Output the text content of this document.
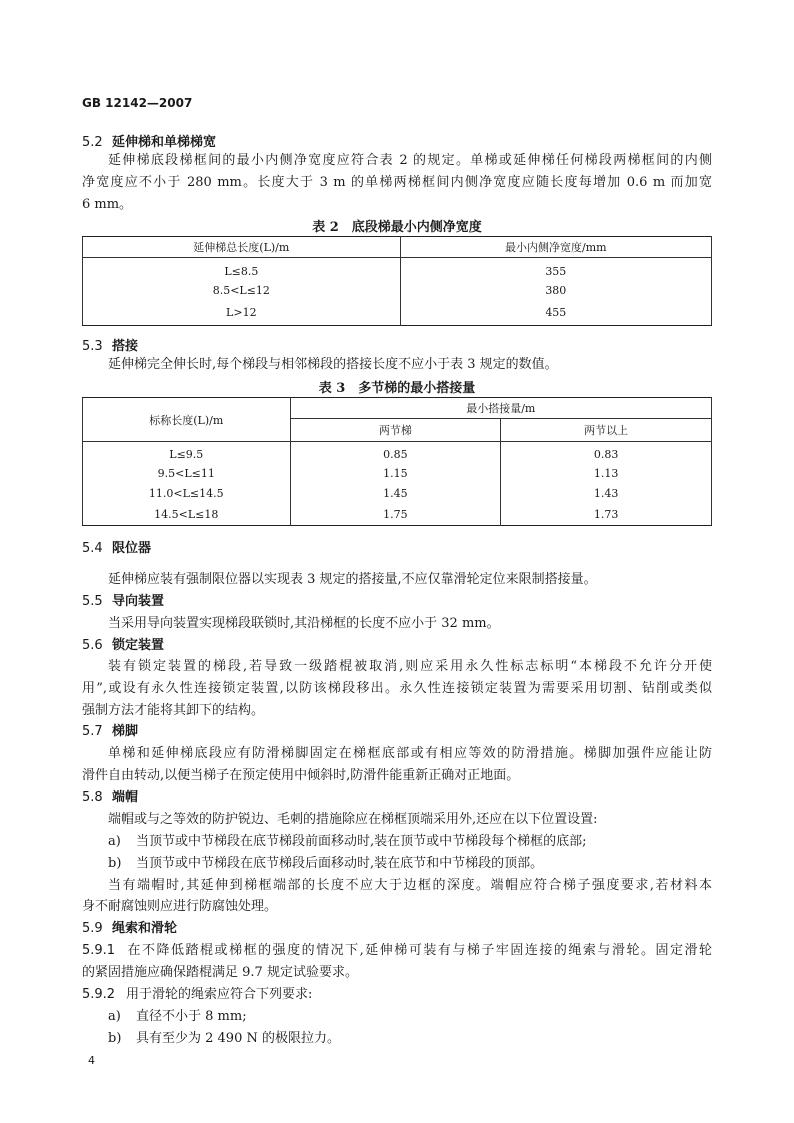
GB 12142—2007
5.2 延伸梯和单梯梯宽
延伸梯底段梯框间的最小内侧净宽度应符合表 2 的规定。单梯或延伸梯任何梯段两梯框间的内侧
净宽度应不小于 280 mm。长度大于 3 m 的单梯两梯框间内侧净宽度应随长度每增加 0.6 m 而加宽
6 mm。
表 2　底段梯最小内侧净宽度
延伸梯总长度(L)/m	最小内侧净宽度/mm
L≤8.5	355
8.5<L≤12	380
L>12	455
5.3 搭接
延伸梯完全伸长时,每个梯段与相邻梯段的搭接长度不应小于表 3 规定的数值。
表 3　多节梯的最小搭接量
标称长度(L)/m	最小搭接量/m	
	两节梯	两节以上
L≤9.5	0.85	0.83
9.5<L≤11	1.15	1.13
11.0<L≤14.5	1.45	1.43
14.5<L≤18	1.75	1.73
5.4 限位器
延伸梯应装有强制限位器以实现表 3 规定的搭接量,不应仅靠滑轮定位来限制搭接量。
5.5 导向装置
当采用导向装置实现梯段联锁时,其沿梯框的长度不应小于 32 mm。
5.6 锁定装置
装有锁定装置的梯段,若导致一级踏棍被取消,则应采用永久性标志标明“本梯段不允许分开使
用”,或设有永久性连接锁定装置,以防该梯段移出。永久性连接锁定装置为需要采用切割、钻削或类似
强制方法才能将其卸下的结构。
5.7 梯脚
单梯和延伸梯底段应有防滑梯脚固定在梯框底部或有相应等效的防滑措施。梯脚加强件应能让防
滑件自由转动,以便当梯子在预定使用中倾斜时,防滑件能重新正确对正地面。
5.8 端帽
端帽或与之等效的防护锐边、毛刺的措施除应在梯框顶端采用外,还应在以下位置设置:
a) 当顶节或中节梯段在底节梯段前面移动时,装在顶节或中节梯段每个梯框的底部;
b) 当顶节或中节梯段在底节梯段后面移动时,装在底节和中节梯段的顶部。
当有端帽时,其延伸到梯框端部的长度不应大于边框的深度。端帽应符合梯子强度要求,若材料本
身不耐腐蚀则应进行防腐蚀处理。
5.9 绳索和滑轮
5.9.1 在不降低踏棍或梯框的强度的情况下,延伸梯可装有与梯子牢固连接的绳索与滑轮。固定滑轮
的紧固措施应确保踏棍满足 9.7 规定试验要求。
5.9.2 用于滑轮的绳索应符合下列要求:
a) 直径不小于 8 mm;
b) 具有至少为 2 490 N 的极限拉力。
4
